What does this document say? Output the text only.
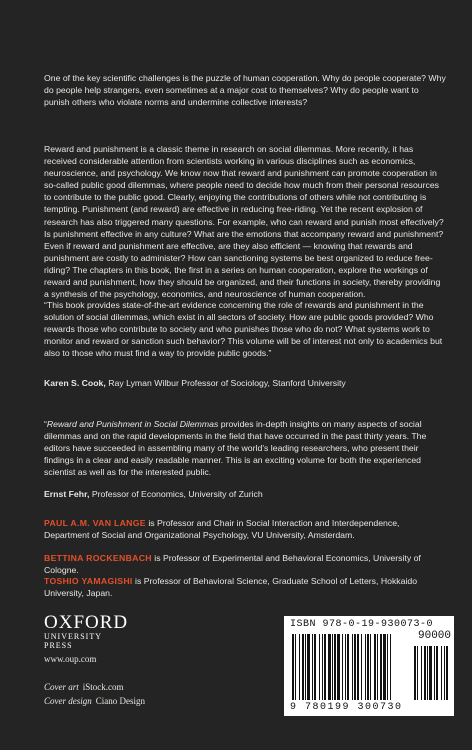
One of the key scientific challenges is the puzzle of human cooperation. Why do people cooperate? Why do people help strangers, even sometimes at a major cost to themselves? Why do people want to punish others who violate norms and undermine collective interests?

Reward and punishment is a classic theme in research on social dilemmas. More recently, it has received considerable attention from scientists working in various disciplines such as economics, neuroscience, and psychology. We know now that reward and punishment can promote cooperation in so-called public good dilemmas, where people need to decide how much from their personal resources to contribute to the public good. Clearly, enjoying the contributions of others while not contributing is tempting. Punishment (and reward) are effective in reducing free-riding. Yet the recent explosion of research has also triggered many questions. For example, who can reward and punish most effectively? Is punishment effective in any culture? What are the emotions that accompany reward and punishment? Even if reward and punishment are effective, are they also efficient — knowing that rewards and punishment are costly to administer? How can sanctioning systems be best organized to reduce free-riding? The chapters in this book, the first in a series on human cooperation, explore the workings of reward and punishment, how they should be organized, and their functions in society, thereby providing a synthesis of the psychology, economics, and neuroscience of human cooperation.

“This book provides state-of-the-art evidence concerning the role of rewards and punishment in the solution of social dilemmas, which exist in all sectors of society. How are public goods provided? Who rewards those who contribute to society and who punishes those who do not? What systems work to monitor and reward or sanction such behavior? This volume will be of interest not only to academics but also to those who must find a way to provide public goods.”
Karen S. Cook, Ray Lyman Wilbur Professor of Sociology, Stanford University
“Reward and Punishment in Social Dilemmas provides in-depth insights on many aspects of social dilemmas and on the rapid developments in the field that have occurred in the past thirty years. The editors have succeeded in assembling many of the world’s leading researchers, who present their findings in a clear and easily readable manner. This is an exciting volume for both the experienced scientist as well as for the interested public.
Ernst Fehr, Professor of Economics, University of Zurich
PAUL A.M. VAN LANGE is Professor and Chair in Social Interaction and Interdependence, Department of Social and Organizational Psychology, VU University, Amsterdam.
BETTINA ROCKENBACH is Professor of Experimental and Behavioral Economics, University of Cologne.
TOSHIO YAMAGISHI is Professor of Behavioral Science, Graduate School of Letters, Hokkaido University, Japan.
OXFORD
UNIVERSITY PRESS
www.oup.com
Cover art iStock.com
Cover design Ciano Design
ISBN 978-0-19-930073-0
90000
9 780199 300730
